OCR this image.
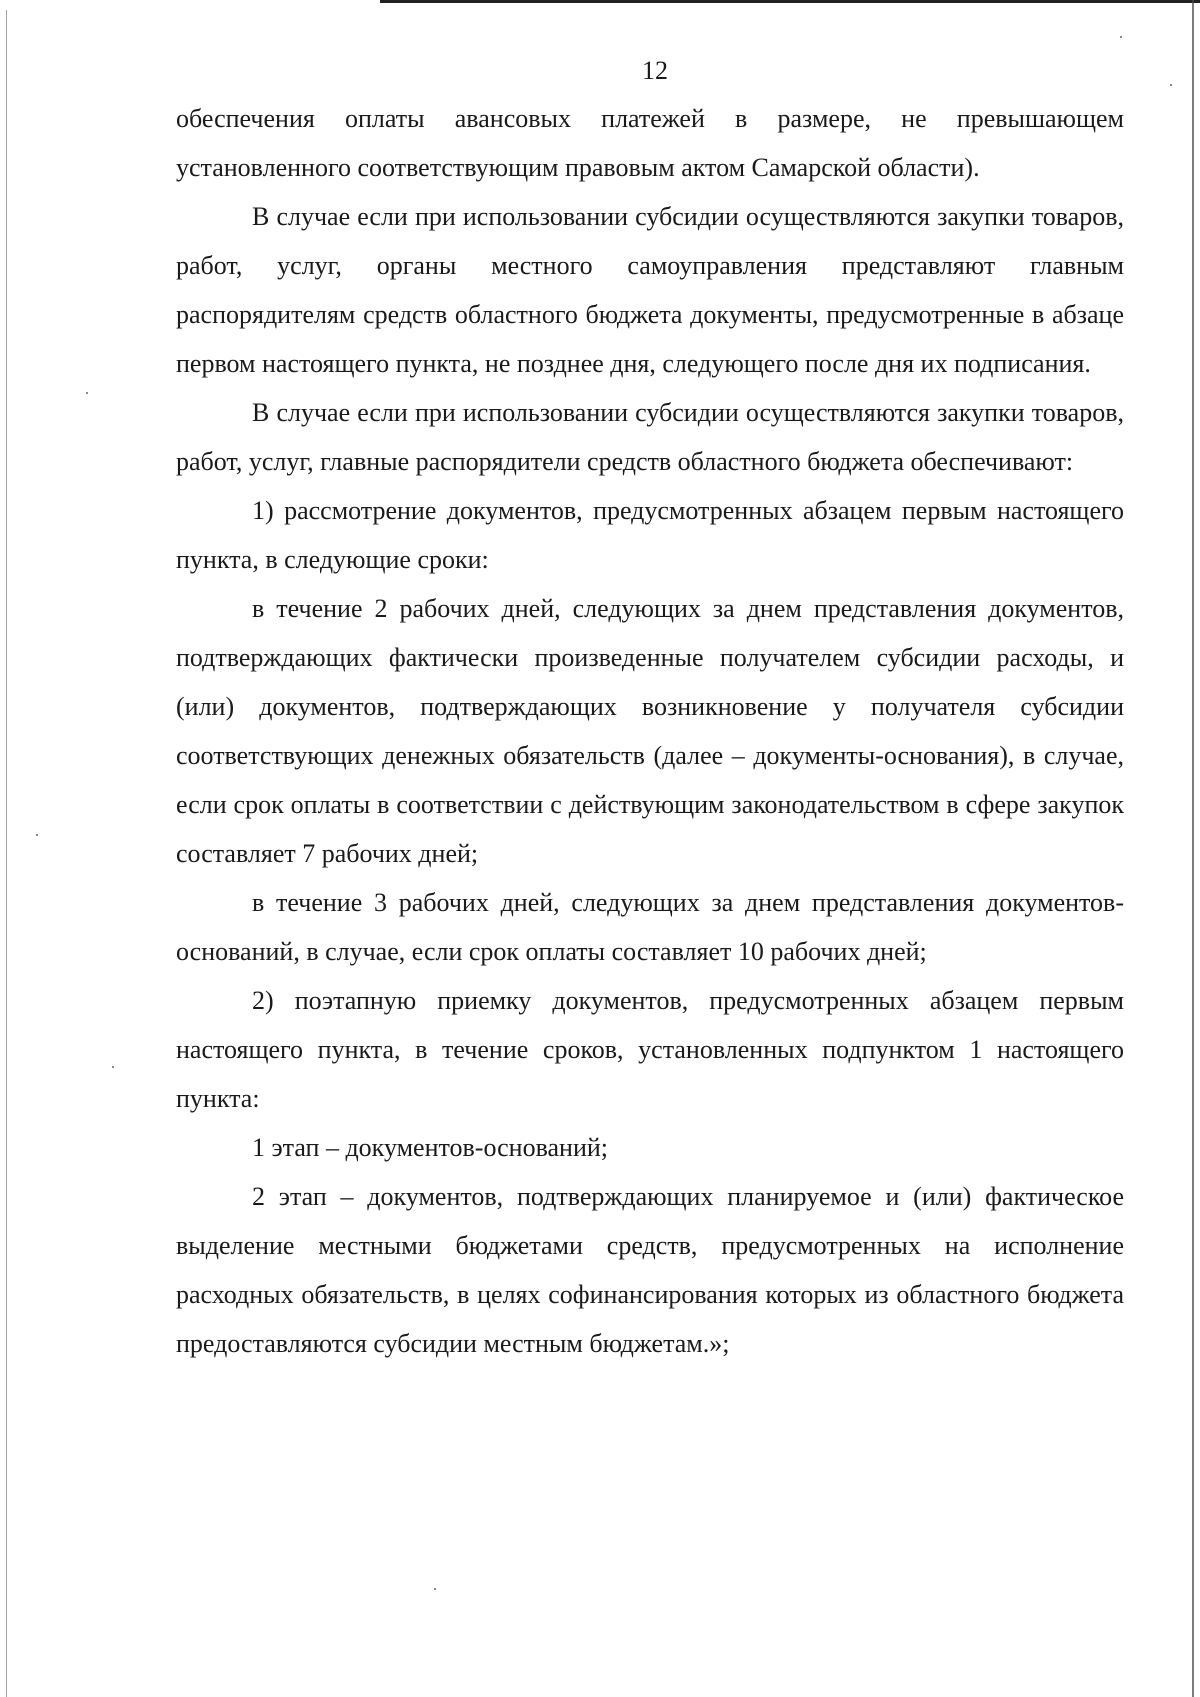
12

обеспечения оплаты авансовых платежей в размере, не превышающем установленного соответствующим правовым актом Самарской области).

В случае если при использовании субсидии осуществляются закупки товаров, работ, услуг, органы местного самоуправления представляют главным распорядителям средств областного бюджета документы, предусмотренные в абзаце первом настоящего пункта, не позднее дня, следующего после дня их подписания.

В случае если при использовании субсидии осуществляются закупки товаров, работ, услуг, главные распорядители средств областного бюджета обеспечивают:

1) рассмотрение документов, предусмотренных абзацем первым настоящего пункта, в следующие сроки:

в течение 2 рабочих дней, следующих за днем представления документов, подтверждающих фактически произведенные получателем субсидии расходы, и (или) документов, подтверждающих возникновение у получателя субсидии соответствующих денежных обязательств (далее – документы-основания), в случае, если срок оплаты в соответствии с действующим законодательством в сфере закупок составляет 7 рабочих дней;

в течение 3 рабочих дней, следующих за днем представления документов-оснований, в случае, если срок оплаты составляет 10 рабочих дней;

2) поэтапную приемку документов, предусмотренных абзацем первым настоящего пункта, в течение сроков, установленных подпунктом 1 настоящего пункта:

1 этап – документов-оснований;

2 этап – документов, подтверждающих планируемое и (или) фактическое выделение местными бюджетами средств, предусмотренных на исполнение расходных обязательств, в целях софинансирования которых из областного бюджета предоставляются субсидии местным бюджетам.»;
